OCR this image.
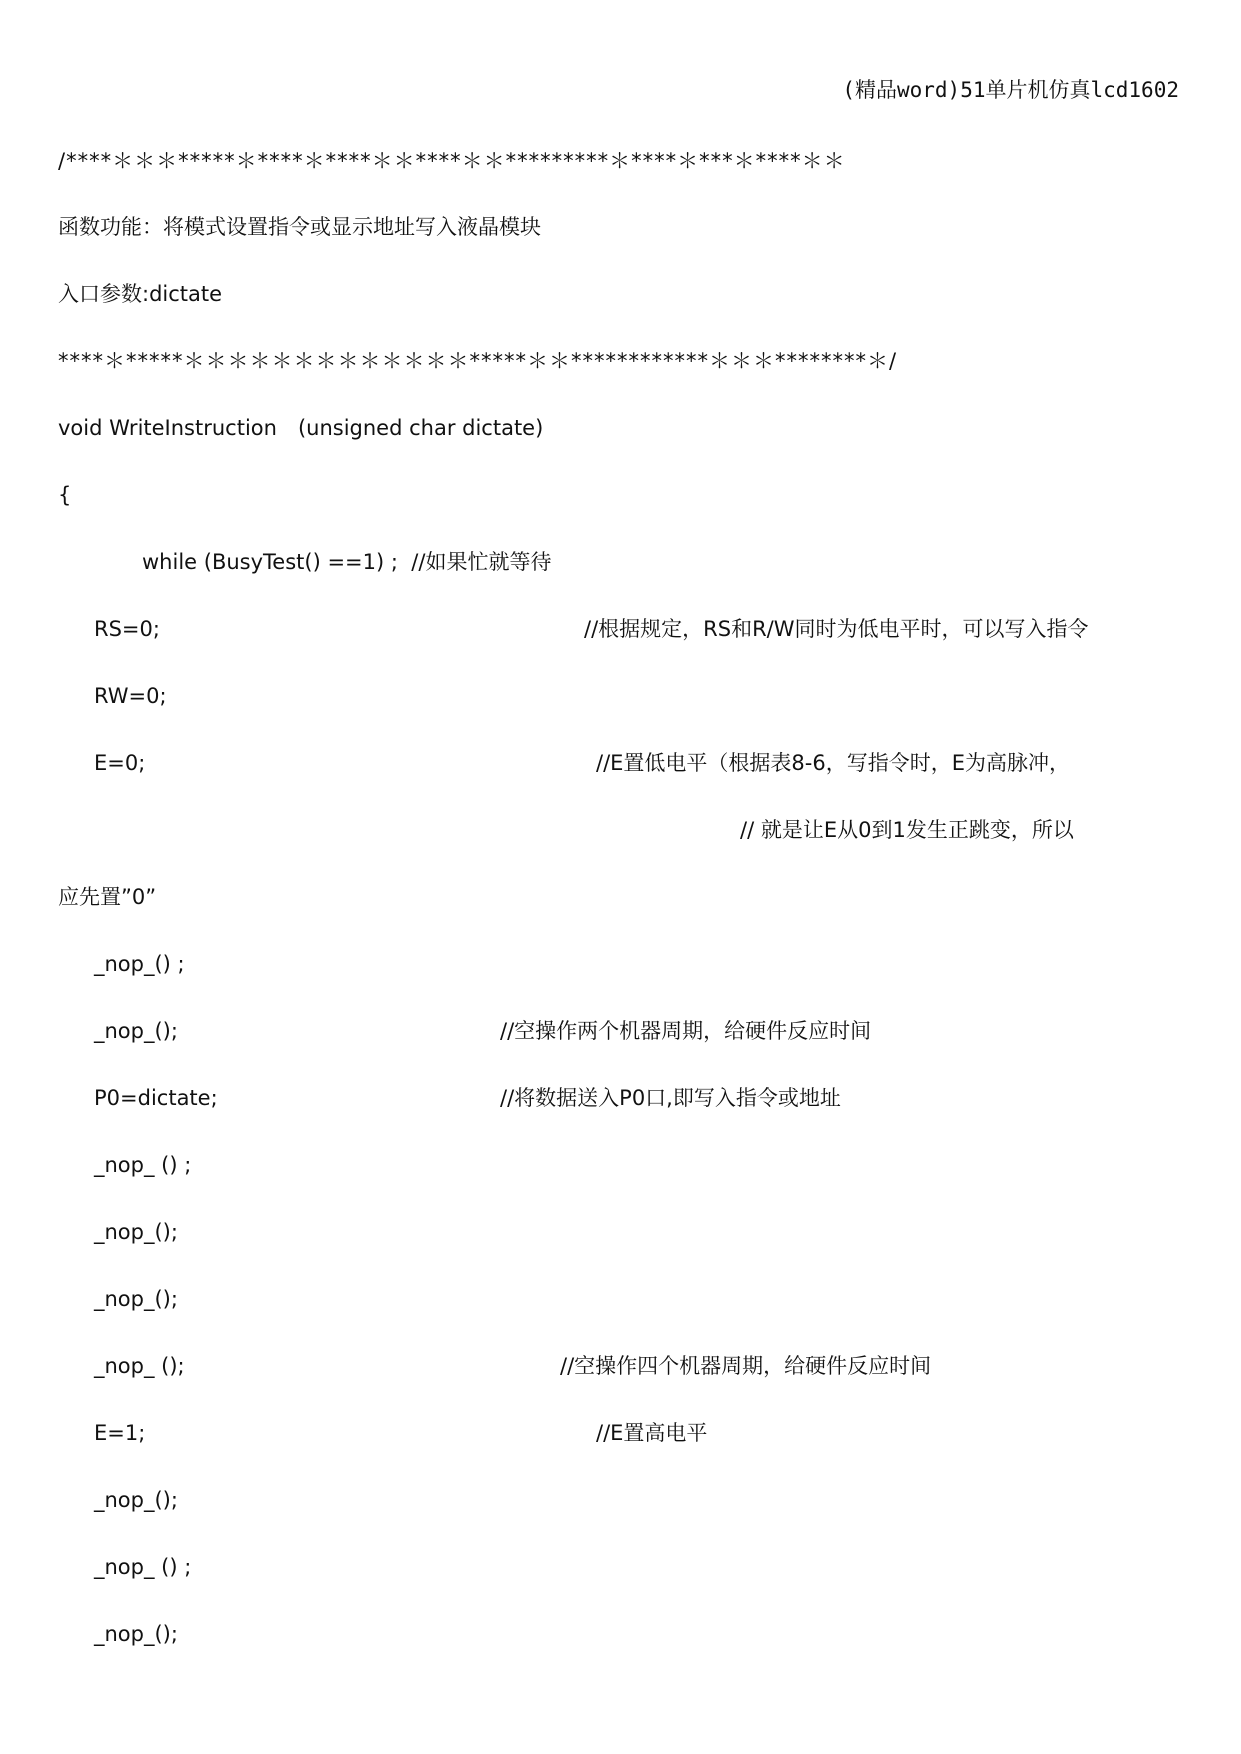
(精品word)51单片机仿真lcd1602
/****＊＊＊*****＊****＊****＊＊****＊＊*********＊****＊***＊****＊＊
函数功能：将模式设置指令或显示地址写入液晶模块
入口参数:dictate
****＊*****＊＊＊＊＊＊＊＊＊＊＊＊＊*****＊＊************＊＊＊********＊/
void WriteInstruction　(unsigned char dictate)
{
while (BusyTest() ==1) ;  //如果忙就等待
RS=0;	//根据规定，RS和R/W同时为低电平时，可以写入指令
RW=0;
E=0;	//E置低电平（根据表8-6，写指令时，E为高脉冲，
// 就是让E从0到1发生正跳变，所以
应先置”0”
_nop_() ;
_nop_();	//空操作两个机器周期，给硬件反应时间
P0=dictate;	//将数据送入P0口,即写入指令或地址
_nop_ () ;
_nop_();
_nop_();
_nop_ ();	//空操作四个机器周期，给硬件反应时间
E=1;	//E置高电平
_nop_();
_nop_ () ;
_nop_();
